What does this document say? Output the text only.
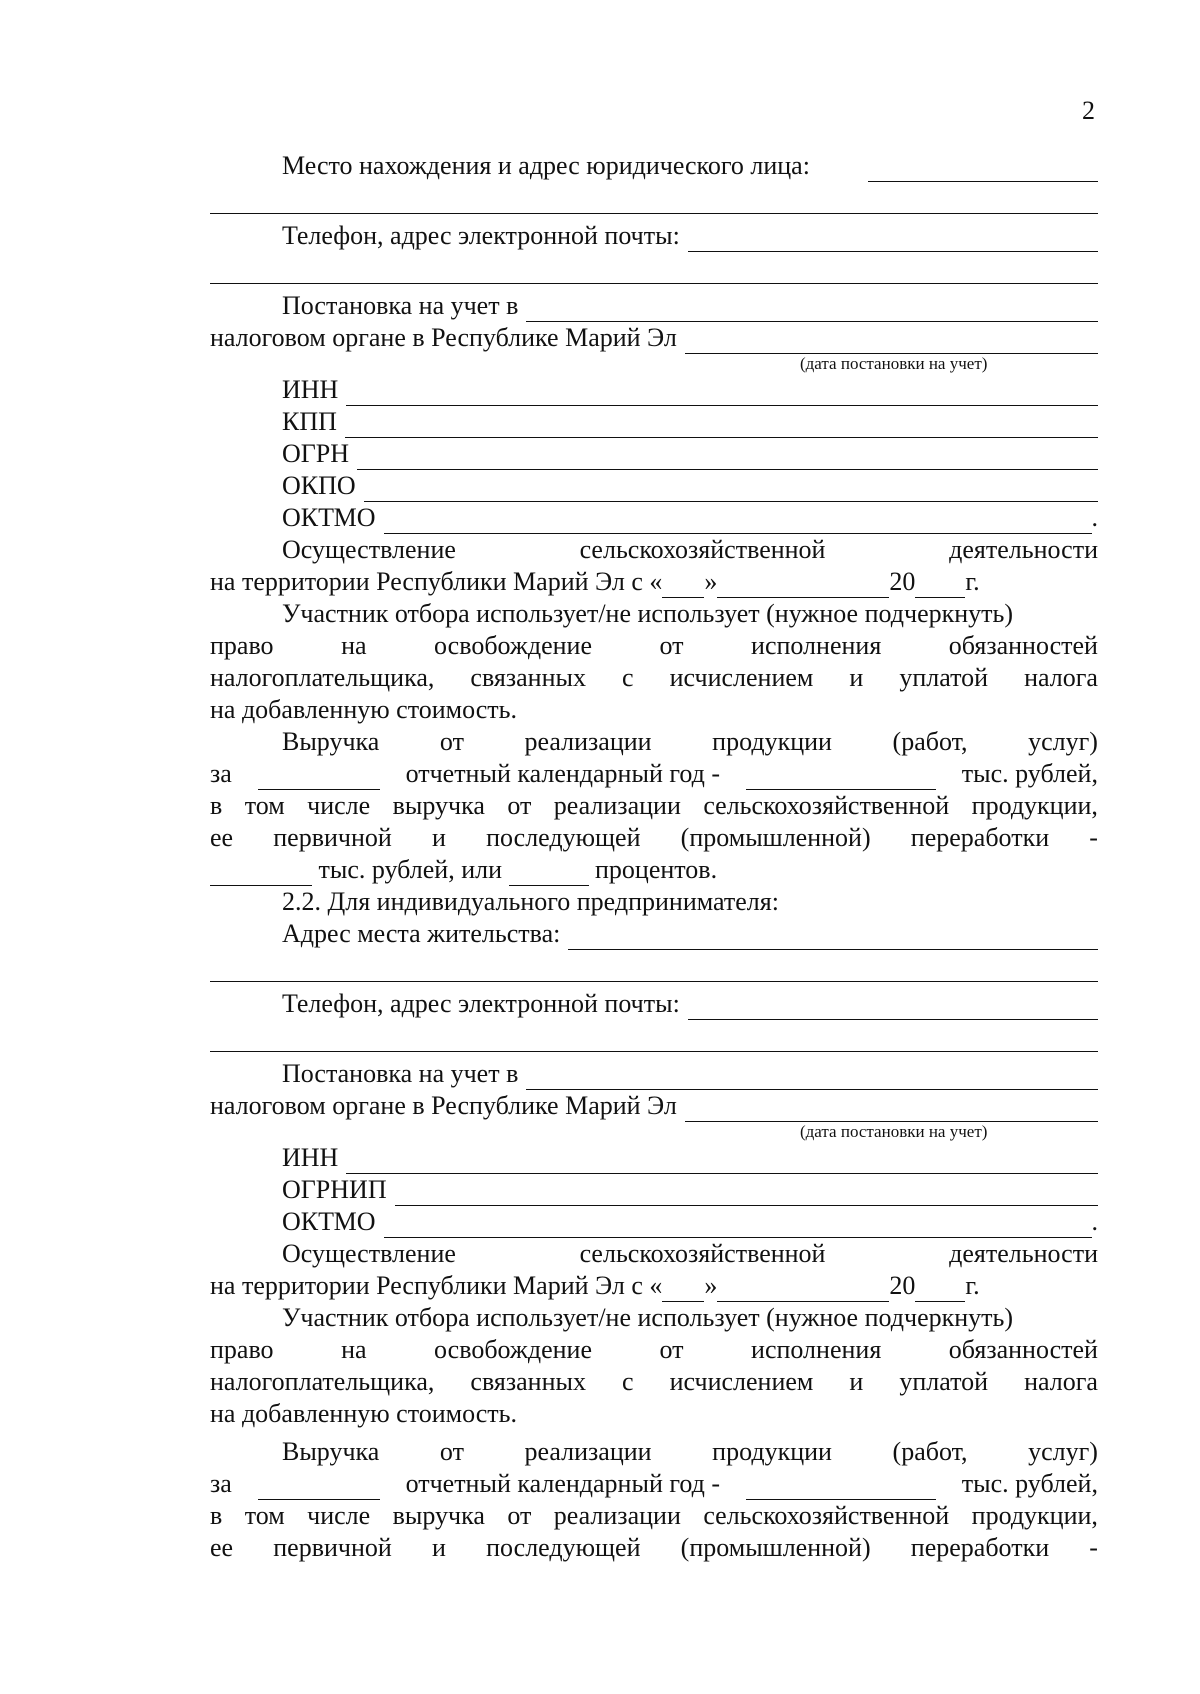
2
Место нахождения и адрес юридического лица:
Телефон, адрес электронной почты:
Постановка на учет в
налоговом органе в Республике Марий Эл
(дата постановки на учет)
ИНН
КПП
ОГРН
ОКПО
ОКТМО	.
Осуществление	сельскохозяйственной	деятельности
на территории Республики Марий Эл с « »	20 г.
Участник отбора использует/не использует (нужное подчеркнуть)
право	на	освобождение	от	исполнения	обязанностей
налогоплательщика, связанных с исчислением и уплатой налога
на добавленную стоимость.
Выручка от реализации продукции (работ, услуг)
за	отчетный календарный год -	тыс. рублей,
в том числе выручка от реализации сельскохозяйственной продукции,
ее первичной и последующей (промышленной) переработки -

тыс. рублей, или

	процентов.
2.2. Для индивидуального предпринимателя:
Адрес места жительства:
Телефон, адрес электронной почты:
Постановка на учет в
налоговом органе в Республике Марий Эл
(дата постановки на учет)
ИНН
ОГРНИП
ОКТМО	.
Осуществление	сельскохозяйственной	деятельности
на территории Республики Марий Эл с « »	20 г.
Участник отбора использует/не использует (нужное подчеркнуть)
право	на	освобождение	от	исполнения	обязанностей
налогоплательщика, связанных с исчислением и уплатой налога
на добавленную стоимость.
Выручка от реализации продукции (работ, услуг)
за	отчетный календарный год -	тыс. рублей,
в том числе выручка от реализации сельскохозяйственной продукции,
ее первичной и последующей (промышленной) переработки -
